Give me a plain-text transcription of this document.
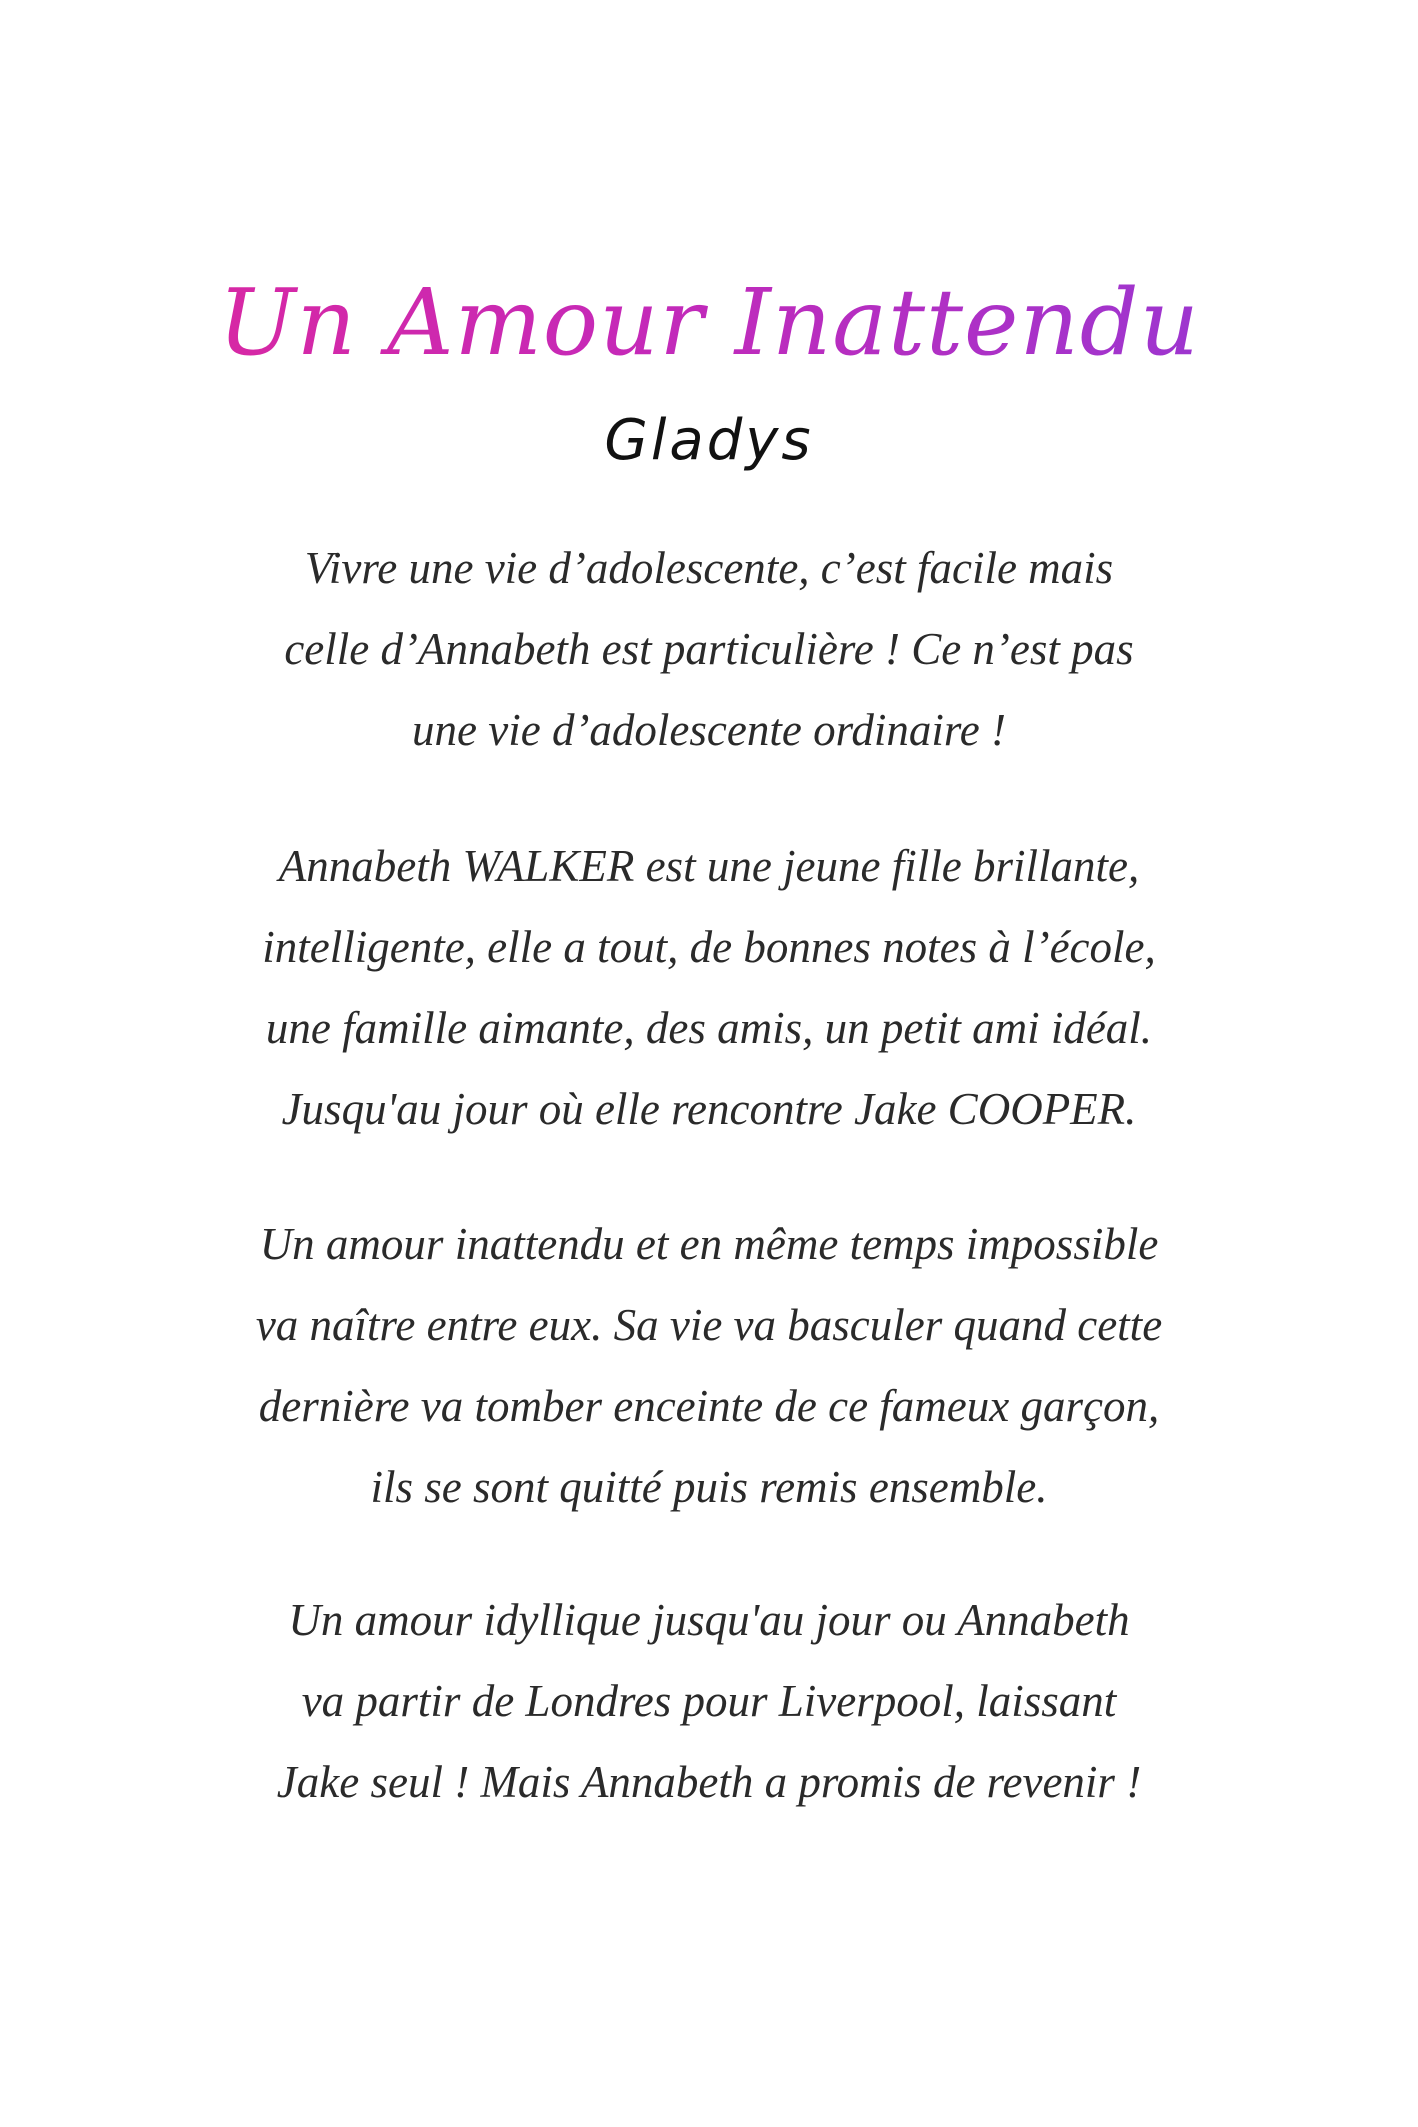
Un Amour Inattendu
Gladys
Vivre une vie d’adolescente, c’est facile mais
celle d’Annabeth est particulière ! Ce n’est pas
une vie d’adolescente ordinaire !
Annabeth WALKER est une jeune fille brillante,
intelligente, elle a tout, de bonnes notes à l’école,
une famille aimante, des amis, un petit ami idéal.
Jusqu'au jour où elle rencontre Jake COOPER.
Un amour inattendu et en même temps impossible
va naître entre eux. Sa vie va basculer quand cette
dernière va tomber enceinte de ce fameux garçon,
ils se sont quitté puis remis ensemble.
Un amour idyllique jusqu'au jour ou Annabeth
va partir de Londres pour Liverpool, laissant
Jake seul ! Mais Annabeth a promis de revenir !
